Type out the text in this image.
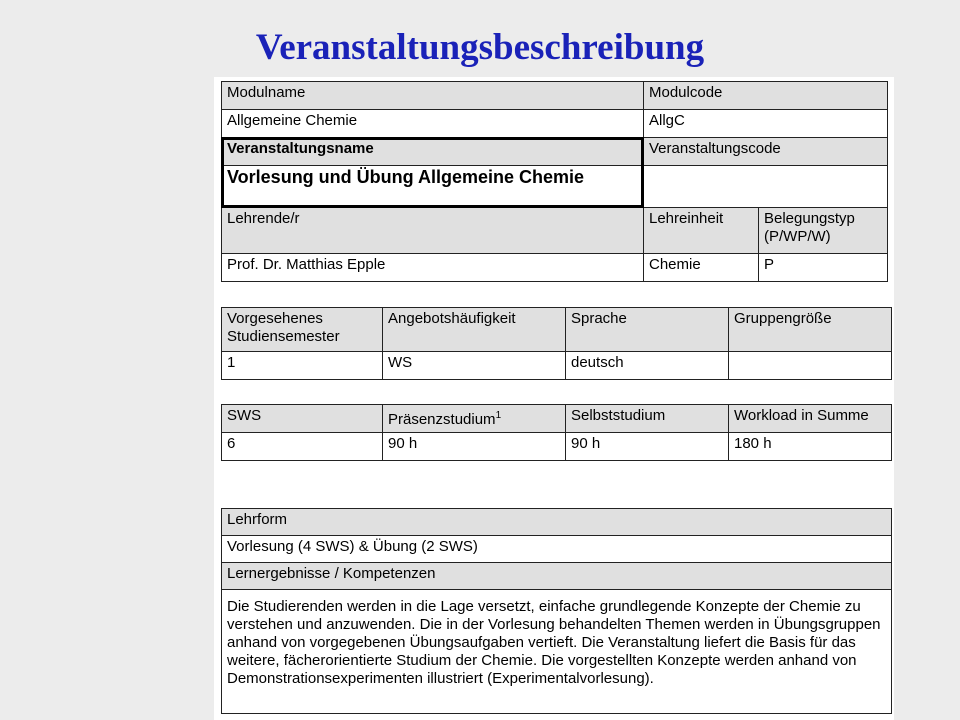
Veranstaltungsbeschreibung
Modulname	Modulcode	
Allgemeine Chemie	AllgC	
Veranstaltungsname	Veranstaltungscode	
Vorlesung und Übung Allgemeine Chemie		
Lehrende/r	Lehreinheit	Belegungstyp (P/WP/W)
Prof. Dr. Matthias Epple	Chemie	P
Vorgesehenes Studiensemester	Angebotshäufigkeit	Sprache	Gruppengröße
1	WS	deutsch	
SWS	Präsenzstudium$^1$	Selbststudium	Workload in Summe
6	90 h	90 h	180 h
Lehrform
Vorlesung (4 SWS) & Übung (2 SWS)
Lernergebnisse / Kompetenzen
Die Studierenden werden in die Lage versetzt, einfache grundlegende Konzepte der Chemie zu verstehen und anzuwenden. Die in der Vorlesung behandelten Themen werden in Übungsgruppen anhand von vorgegebenen Übungsaufgaben vertieft. Die Veranstaltung liefert die Basis für das weitere, fächerorientierte Studium der Chemie. Die vorgestellten Konzepte werden anhand von Demonstrationsexperimenten illustriert (Experimentalvorlesung).
